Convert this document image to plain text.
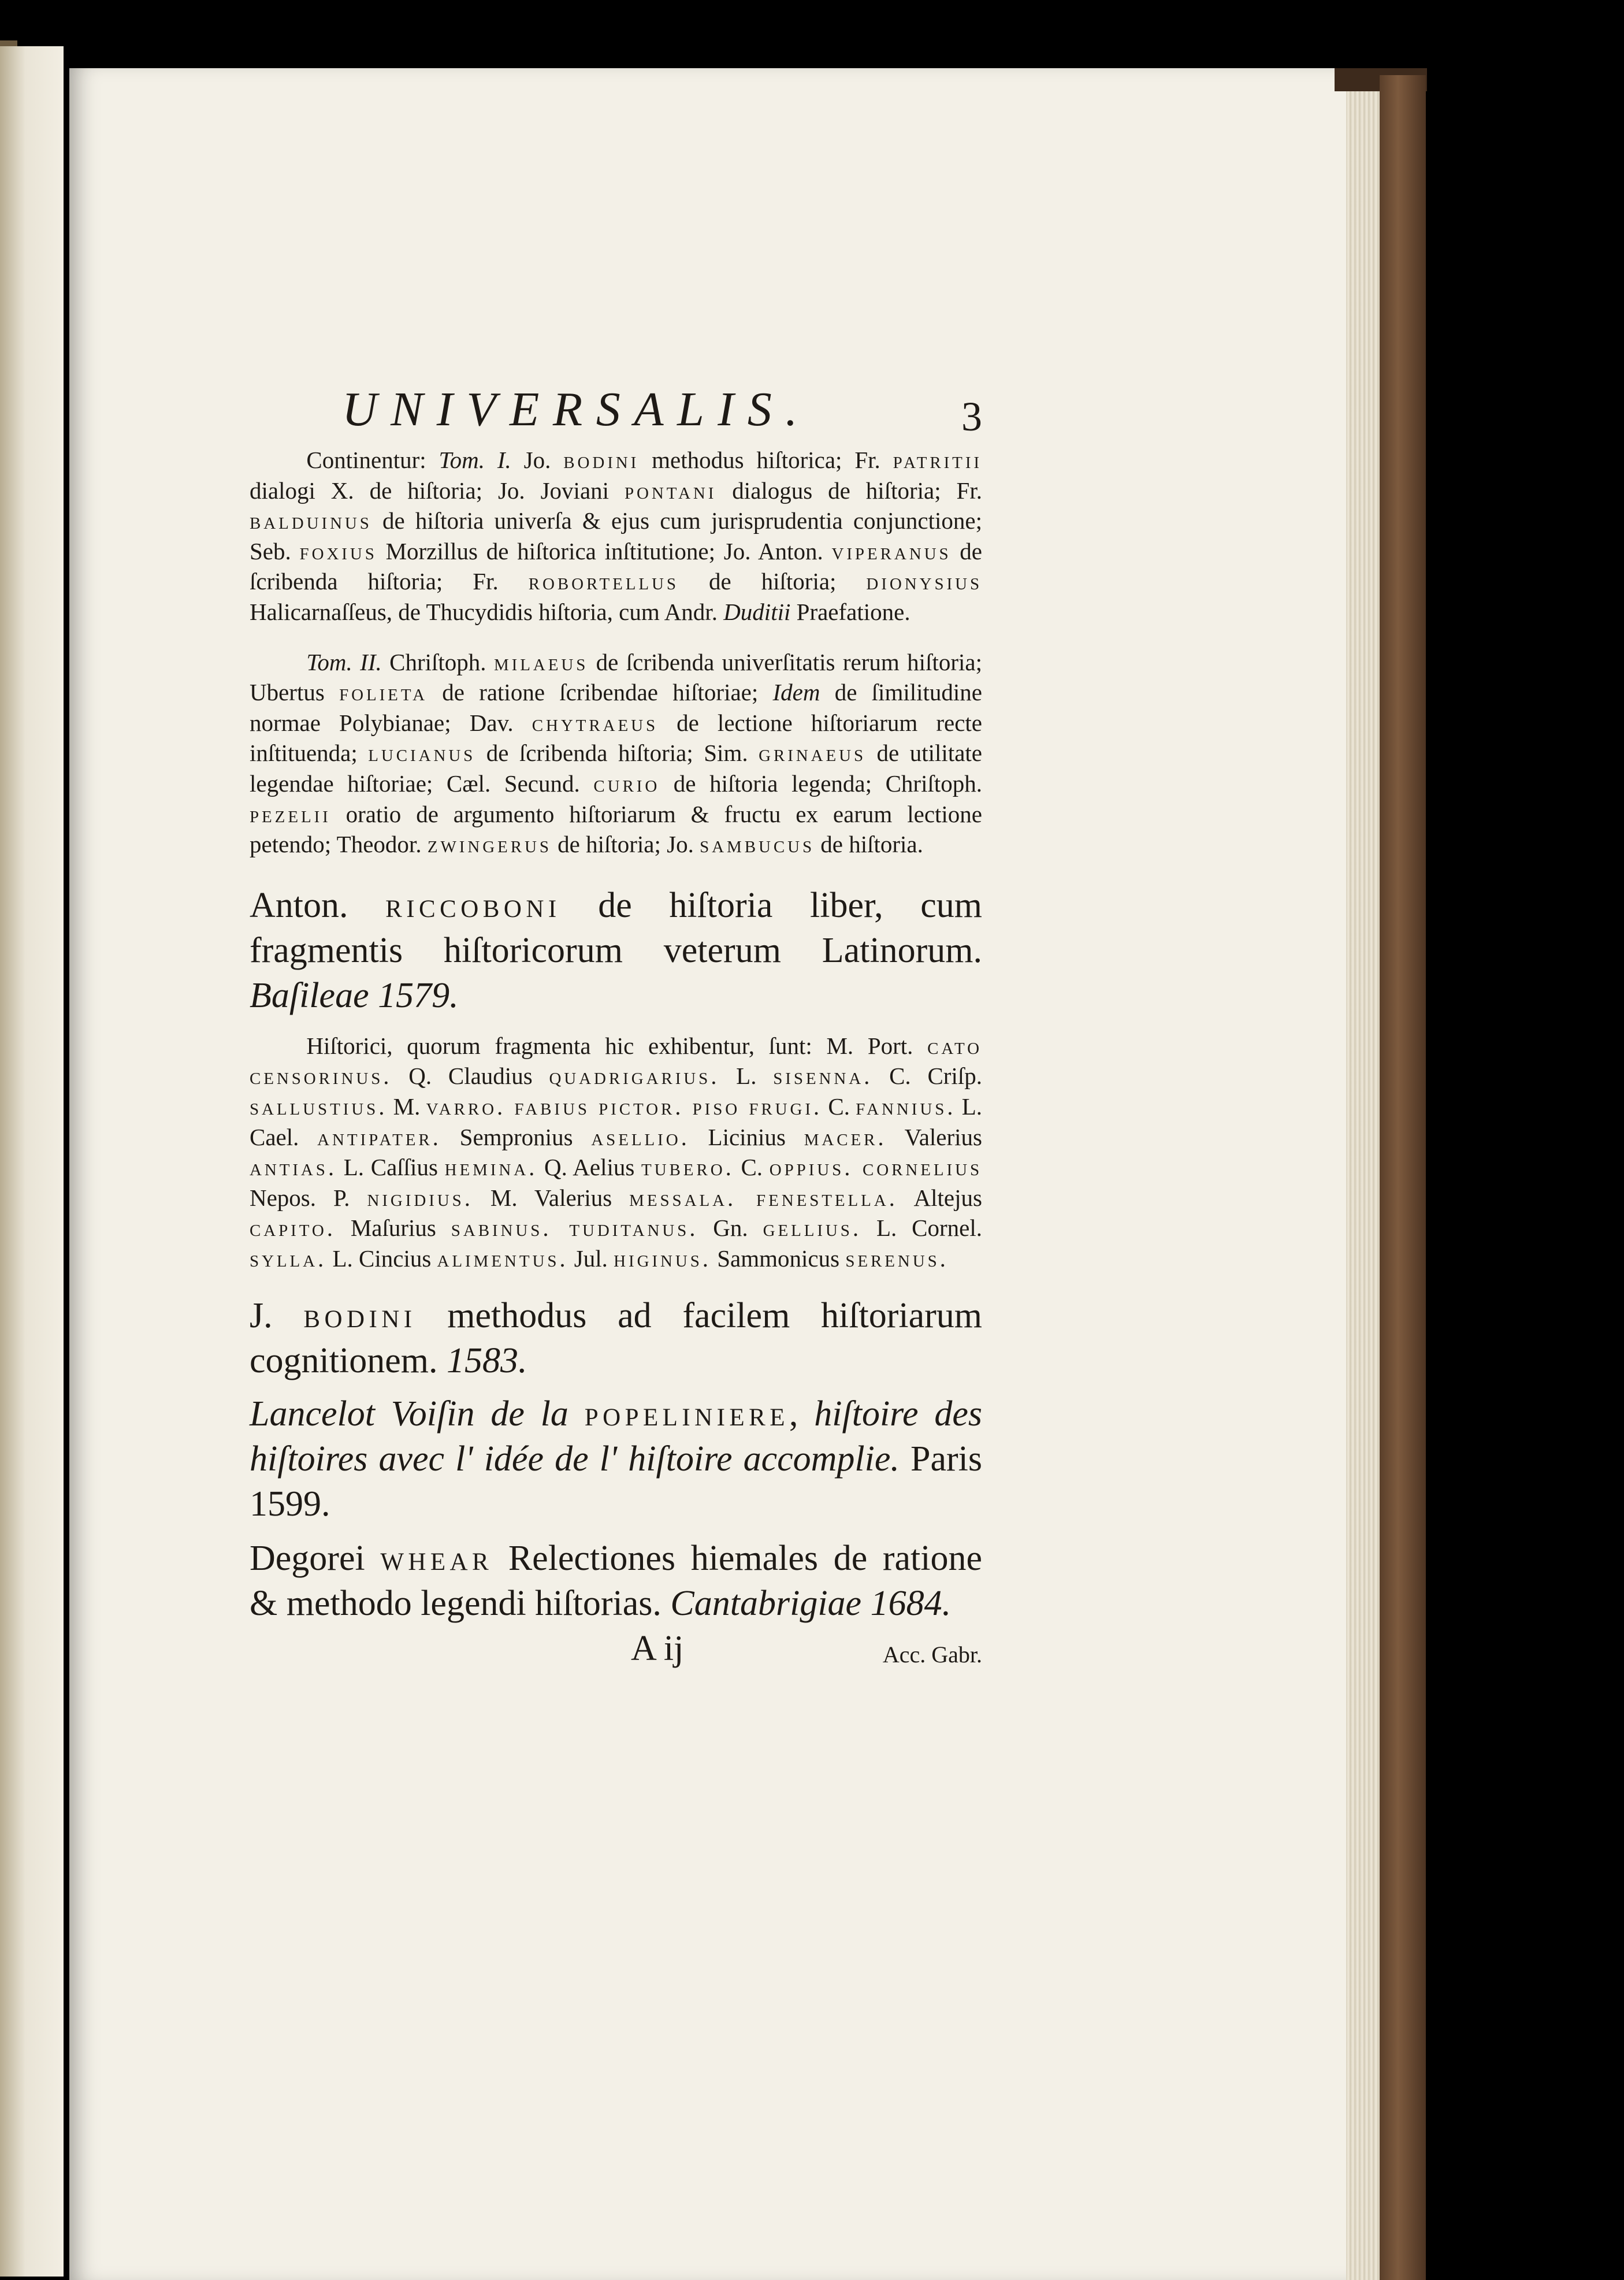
UNIVERSALIS.	3

Continentur: Tom. I. Jo. bodini methodus hiſtorica; Fr. patritii dialogi X. de hiſtoria; Jo. Joviani pontani dialogus de hiſtoria; Fr. balduinus de hiſtoria univerſa & ejus cum jurisprudentia conjunctione; Seb. foxius Morzillus de hiſtorica inſtitutione; Jo. Anton. viperanus de ſcribenda hiſtoria; Fr. robortellus de hiſtoria; dionysius Halicarnaſſeus, de Thucydidis hiſtoria, cum Andr. Duditii Praefatione.

Tom. II. Chriſtoph. milaeus de ſcribenda univerſitatis rerum hiſtoria; Ubertus folieta de ratione ſcribendae hiſtoriae; Idem de ſimilitudine normae Polybianae; Dav. chytraeus de lectione hiſtoriarum recte inſtituenda; lucianus de ſcribenda hiſtoria; Sim. grinaeus de utilitate legendae hiſtoriae; Cæl. Secund. curio de hiſtoria legenda; Chriſtoph. pezelii oratio de argumento hiſtoriarum & fructu ex earum lectione petendo; Theodor. zwingerus de hiſtoria; Jo. sambucus de hiſtoria.

Anton. riccoboni de hiſtoria liber, cum fragmentis hiſtoricorum veterum Latinorum. Baſileae 1579.

Hiſtorici, quorum fragmenta hic exhibentur, ſunt: M. Port. cato censorinus. Q. Claudius quadrigarius. L. sisenna. C. Criſp. sallustius. M. varro. fabius pictor. piso frugi. C. fannius. L. Cael. antipater. Sempronius asellio. Licinius macer. Valerius antias. L. Caſſius hemina. Q. Aelius tubero. C. oppius. cornelius Nepos. P. nigidius. M. Valerius messala. fenestella. Altejus capito. Maſurius sabinus. tuditanus. Gn. gellius. L. Cornel. sylla. L. Cincius alimentus. Jul. higinus. Sammonicus serenus.

J. bodini methodus ad facilem hiſtoriarum cognitionem. 1583.

Lancelot Voiſin de la popeliniere, hiſtoire des hiſtoires avec l' idée de l' hiſtoire accomplie. Paris 1599.

Degorei whear Relectiones hiemales de ratione & methodo legendi hiſtorias. Cantabrigiae 1684.

A ij	Acc. Gabr.
